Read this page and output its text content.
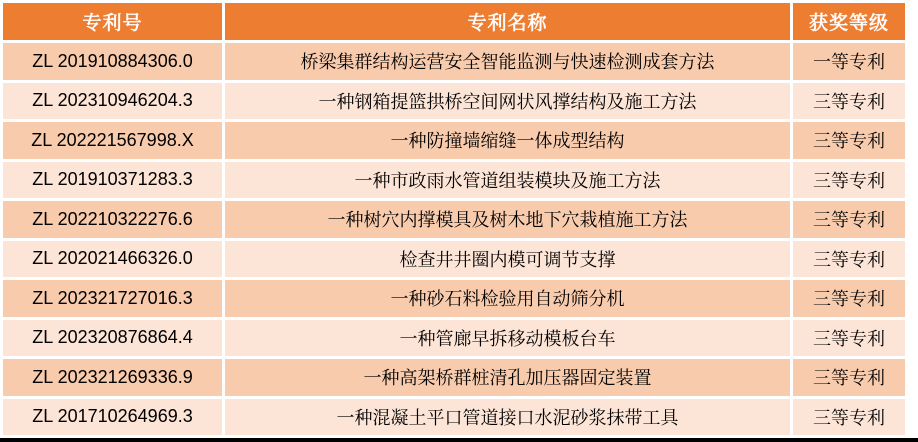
专利号	专利名称	获奖等级
ZL 201910884306.0	桥梁集群结构运营安全智能监测与快速检测成套方法	一等专利
ZL 202310946204.3	一种钢箱提篮拱桥空间网状风撑结构及施工方法	三等专利
ZL 202221567998.X	一种防撞墙缩缝一体成型结构	三等专利
ZL 201910371283.3	一种市政雨水管道组装模块及施工方法	三等专利
ZL 202210322276.6	一种树穴内撑模具及树木地下穴栽植施工方法	三等专利
ZL 202021466326.0	检查井井圈内模可调节支撑	三等专利
ZL 202321727016.3	一种砂石料检验用自动筛分机	三等专利
ZL 202320876864.4	一种管廊早拆移动模板台车	三等专利
ZL 202321269336.9	一种高架桥群桩清孔加压器固定装置	三等专利
ZL 201710264969.3	一种混凝土平口管道接口水泥砂浆抹带工具	三等专利
